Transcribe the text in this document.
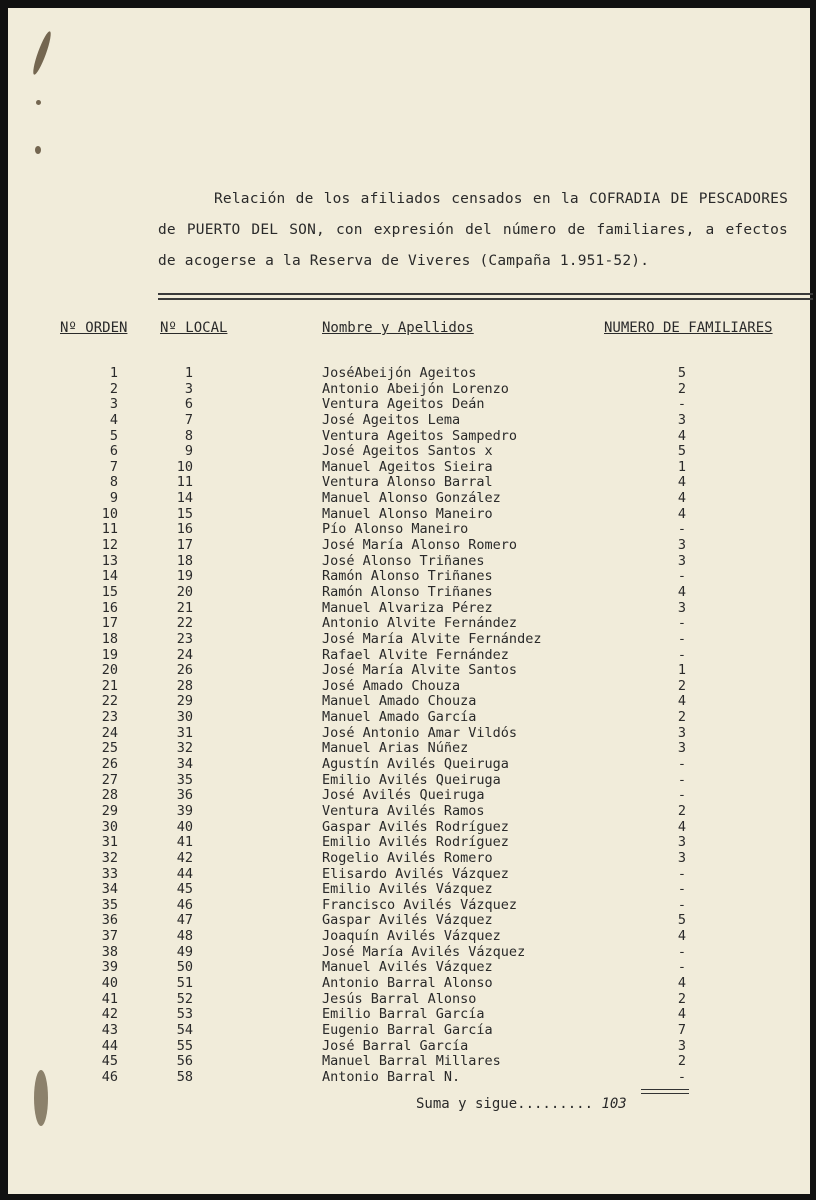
Relación de los afiliados censados en la COFRADIA DE PESCADORES de PUERTO DEL SON, con expresión del número de familiares, a efectos de acogerse a la Reserva de Viveres (Campaña 1.951-52).

Nº ORDEN Nº LOCAL	Nombre y Apellidos	NUMERO DE FAMILIARES
1	1	JoséAbeijón Ageitos	5
2	3	Antonio Abeijón Lorenzo	2
3	6	Ventura Ageitos Deán	-
4	7	José Ageitos Lema	3
5	8	Ventura Ageitos Sampedro	4
6	9	José Ageitos Santos x	5
7	10	Manuel Ageitos Sieira	1
8	11	Ventura Alonso Barral	4
9	14	Manuel Alonso González	4
10	15	Manuel Alonso Maneiro	4
11	16	Pío Alonso Maneiro	-
12	17	José María Alonso Romero	3
13	18	José Alonso Triñanes	3
14	19	Ramón Alonso Triñanes	-
15	20	Ramón Alonso Triñanes	4
16	21	Manuel Alvariza Pérez	3
17	22	Antonio Alvite Fernández	-
18	23	José María Alvite Fernández	-
19	24	Rafael Alvite Fernández	-
20	26	José María Alvite Santos	1
21	28	José Amado Chouza	2
22	29	Manuel Amado Chouza	4
23	30	Manuel Amado García	2
24	31	José Antonio Amar Vildós	3
25	32	Manuel Arias Núñez	3
26	34	Agustín Avilés Queiruga	-
27	35	Emilio Avilés Queiruga	-
28	36	José Avilés Queiruga	-
29	39	Ventura Avilés Ramos	2
30	40	Gaspar Avilés Rodríguez	4
31	41	Emilio Avilés Rodríguez	3
32	42	Rogelio Avilés Romero	3
33	44	Elisardo Avilés Vázquez	-
34	45	Emilio Avilés Vázquez	-
35	46	Francisco Avilés Vázquez	-
36	47	Gaspar Avilés Vázquez	5
37	48	Joaquín Avilés Vázquez	4
38	49	José María Avilés Vázquez	-
39	50	Manuel Avilés Vázquez	-
40	51	Antonio Barral Alonso	4
41	52	Jesús Barral Alonso	2
42	53	Emilio Barral García	4
43	54	Eugenio Barral García	7
44	55	José Barral García	3
45	56	Manuel Barral Millares	2
46	58	Antonio Barral N.	-
Suma y sigue......... 103
